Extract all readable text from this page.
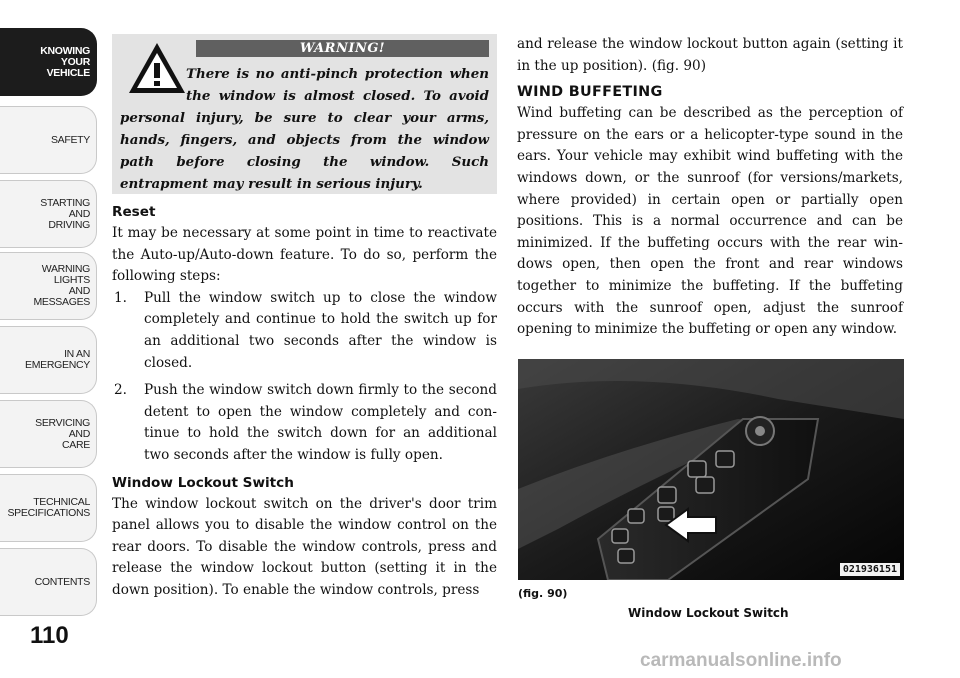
KNOWING
YOUR
VEHICLE
SAFETY
STARTING
AND
DRIVING
WARNING
LIGHTS
AND
MESSAGES
IN AN
EMERGENCY
SERVICING
AND
CARE
TECHNICAL
SPECIFICATIONS
CONTENTS
110
WARNING!
There is no anti-pinch protection when the window is almost closed. To avoid personal injury, be sure to clear your arms, hands, fingers, and objects from the window path before closing the window. Such entrapment may result in serious injury.
Reset
It may be necessary at some point in time to reactivate the Auto-up/Auto-down feature. To do so, perform the following steps:
1. Pull the window switch up to close the window completely and continue to hold the switch up for an additional two seconds after the window is closed.
2. Push the window switch down firmly to the second detent to open the window completely and con-tinue to hold the switch down for an additional two seconds after the window is fully open.
Window Lockout Switch
The window lockout switch on the driver's door trim panel allows you to disable the window control on the rear doors. To disable the window controls, press and release the window lockout button (setting it in the down position). To enable the window controls, press
and release the window lockout button again (setting it in the up position). (fig. 90)
WIND BUFFETING
Wind buffeting can be described as the perception of pressure on the ears or a helicopter-type sound in the ears. Your vehicle may exhibit wind buffeting with the windows down, or the sunroof (for versions/markets, where provided) in certain open or partially open positions. This is a normal occurrence and can be minimized. If the buffeting occurs with the rear win-dows open, then open the front and rear windows together to minimize the buffeting. If the buffeting occurs with the sunroof open, adjust the sunroof opening to minimize the buffeting or open any window.
021936151
(fig. 90)
Window Lockout Switch
carmanualsonline.info
